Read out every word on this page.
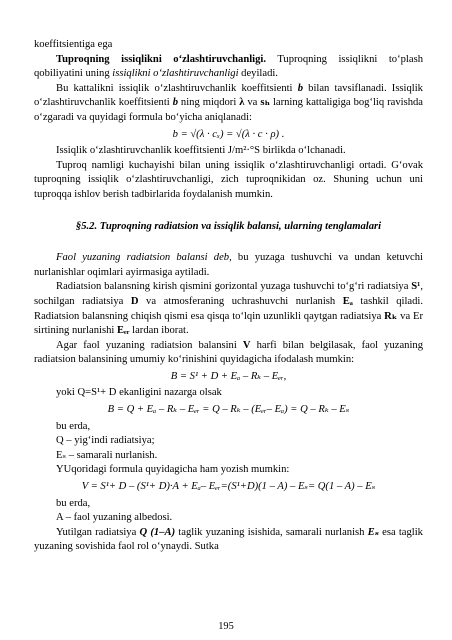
koeffitsientiga ega

Tuproqning issiqlikni oʻzlashtiruvchanligi. Tuproqning issiqlikni toʻplash qobiliyatini uning issiqlikni oʻzlashtiruvchanligi deyiladi.

Bu kattalikni issiqlik oʻzlashtiruvchanlik koeffitsienti b bilan tavsiflanadi. Issiqlik oʻzlashtiruvchanlik koeffitsienti b ning miqdori λ va sₕ larning kattaligiga bogʻliq ravishda oʻzgaradi va quyidagi formula boʻyicha aniqlanadi:

b = √(λ · cₓ) = √(λ · c · ρ) .

Issiqlik oʻzlashtiruvchanlik koeffitsienti J/m²·°S birlikda oʻlchanadi.

Tuproq namligi kuchayishi bilan uning issiqlik oʻzlashtiruvchanligi ortadi. Gʻovak tuproqning issiqlik oʻzlashtiruvchanligi, zich tuproqnikidan oz. Shuning uchun uni tuproqqa ishlov berish tadbirlarida foydalanish mumkin.

§5.2. Tuproqning radiatsion va issiqlik balansi, ularning tenglamalari

Faol yuzaning radiatsion balansi deb, bu yuzaga tushuvchi va undan ketuvchi nurlanishlar oqimlari ayirmasiga aytiladi.

Radiatsion balansning kirish qismini gorizontal yuzaga tushuvchi toʻgʻri radiatsiya S¹, sochilgan radiatsiya D va atmosferaning uchrashuvchi nurlanish Eₐ tashkil qiladi. Radiatsion balansning chiqish qismi esa qisqa toʻlqin uzunlikli qaytgan radiatsiya Rₖ va Er sirtining nurlanishi Eₑᵣ lardan iborat.

Agar faol yuzaning radiatsion balansini V harfi bilan belgilasak, faol yuzaning radiatsion balansining umumiy koʻrinishini quyidagicha ifodalash mumkin:

B = S¹ + D + Eₐ – Rₖ – Eₑᵣ,

yoki Q=S¹+ D ekanligini nazarga olsak

B = Q + Eₐ – Rₖ – Eₑᵣ = Q – Rₖ – (Eₑᵣ– Eₐ) = Q – Rₖ – Eₛ

bu erda,

Q – yigʻindi radiatsiya;

Eₛ – samarali nurlanish.

YUqoridagi formula quyidagicha ham yozish mumkin:

V = S¹+ D – (S¹+ D)·A + Eₐ– Eₑᵣ=(S¹+D)(1 – A) – Eₛ= Q(1 – A) – Eₛ

bu erda,

A – faol yuzaning albedosi.

Yutilgan radiatsiya Q (1–A) taglik yuzaning isishida, samarali nurlanish Eₛ esa taglik yuzaning sovishida faol rol oʻynaydi. Sutka

195
